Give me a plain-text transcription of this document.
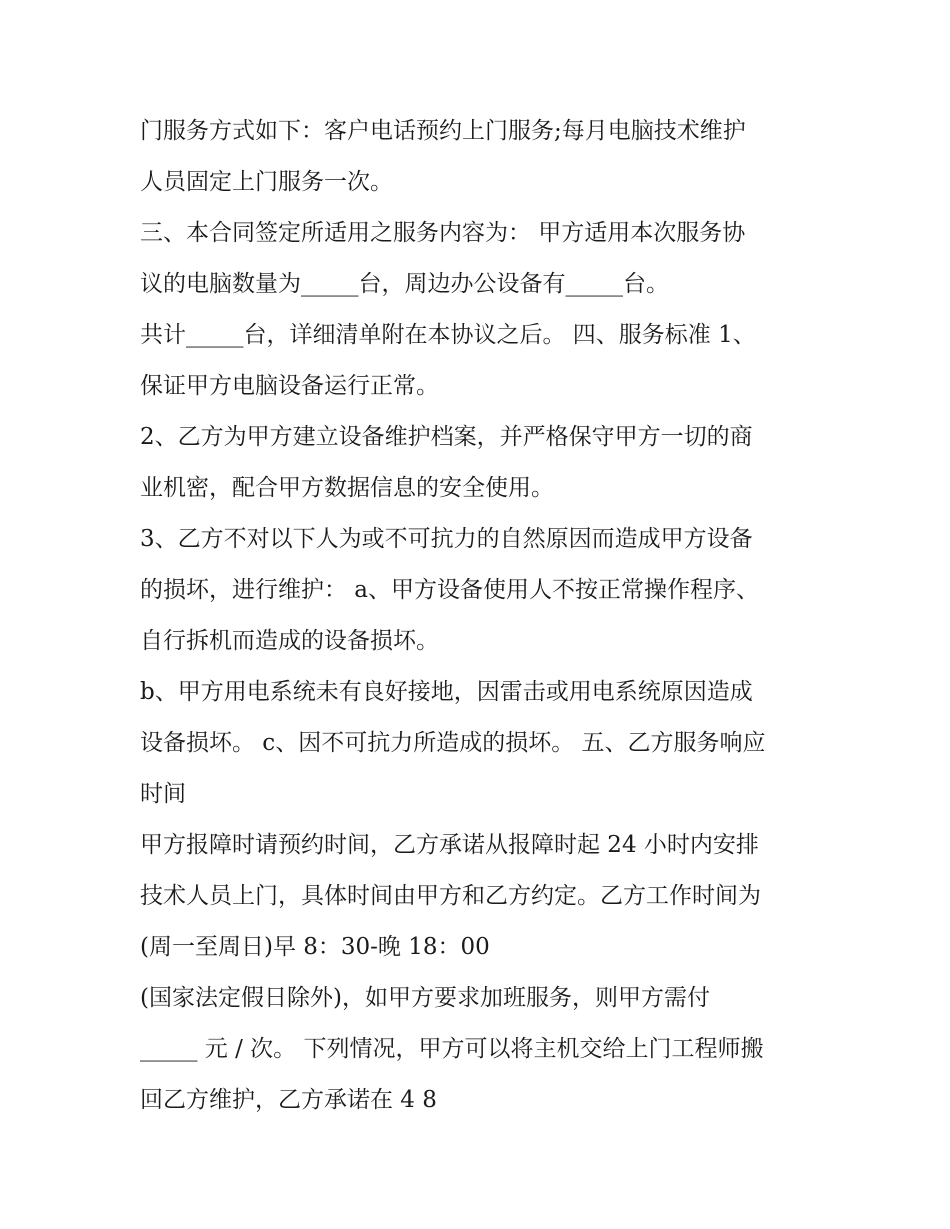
门服务方式如下：客户电话预约上门服务;每月电脑技术维护
人员固定上门服务一次。
三、本合同签定所适用之服务内容为： 甲方适用本次服务协
议的电脑数量为_____台，周边办公设备有_____台。
共计_____台，详细清单附在本协议之后。 四、服务标准 1、
保证甲方电脑设备运行正常。
2、乙方为甲方建立设备维护档案，并严格保守甲方一切的商
业机密，配合甲方数据信息的安全使用。
3、乙方不对以下人为或不可抗力的自然原因而造成甲方设备
的损坏，进行维护： a、甲方设备使用人不按正常操作程序、
自行拆机而造成的设备损坏。
b、甲方用电系统未有良好接地，因雷击或用电系统原因造成
设备损坏。 c、因不可抗力所造成的损坏。 五、乙方服务响应
时间
甲方报障时请预约时间，乙方承诺从报障时起 24 小时内安排
技术人员上门，具体时间由甲方和乙方约定。乙方工作时间为
(周一至周日)早 8：30-晚 18：00
(国家法定假日除外)，如甲方要求加班服务，则甲方需付
_____ 元 / 次。 下列情况，甲方可以将主机交给上门工程师搬
回乙方维护，乙方承诺在 4 8
